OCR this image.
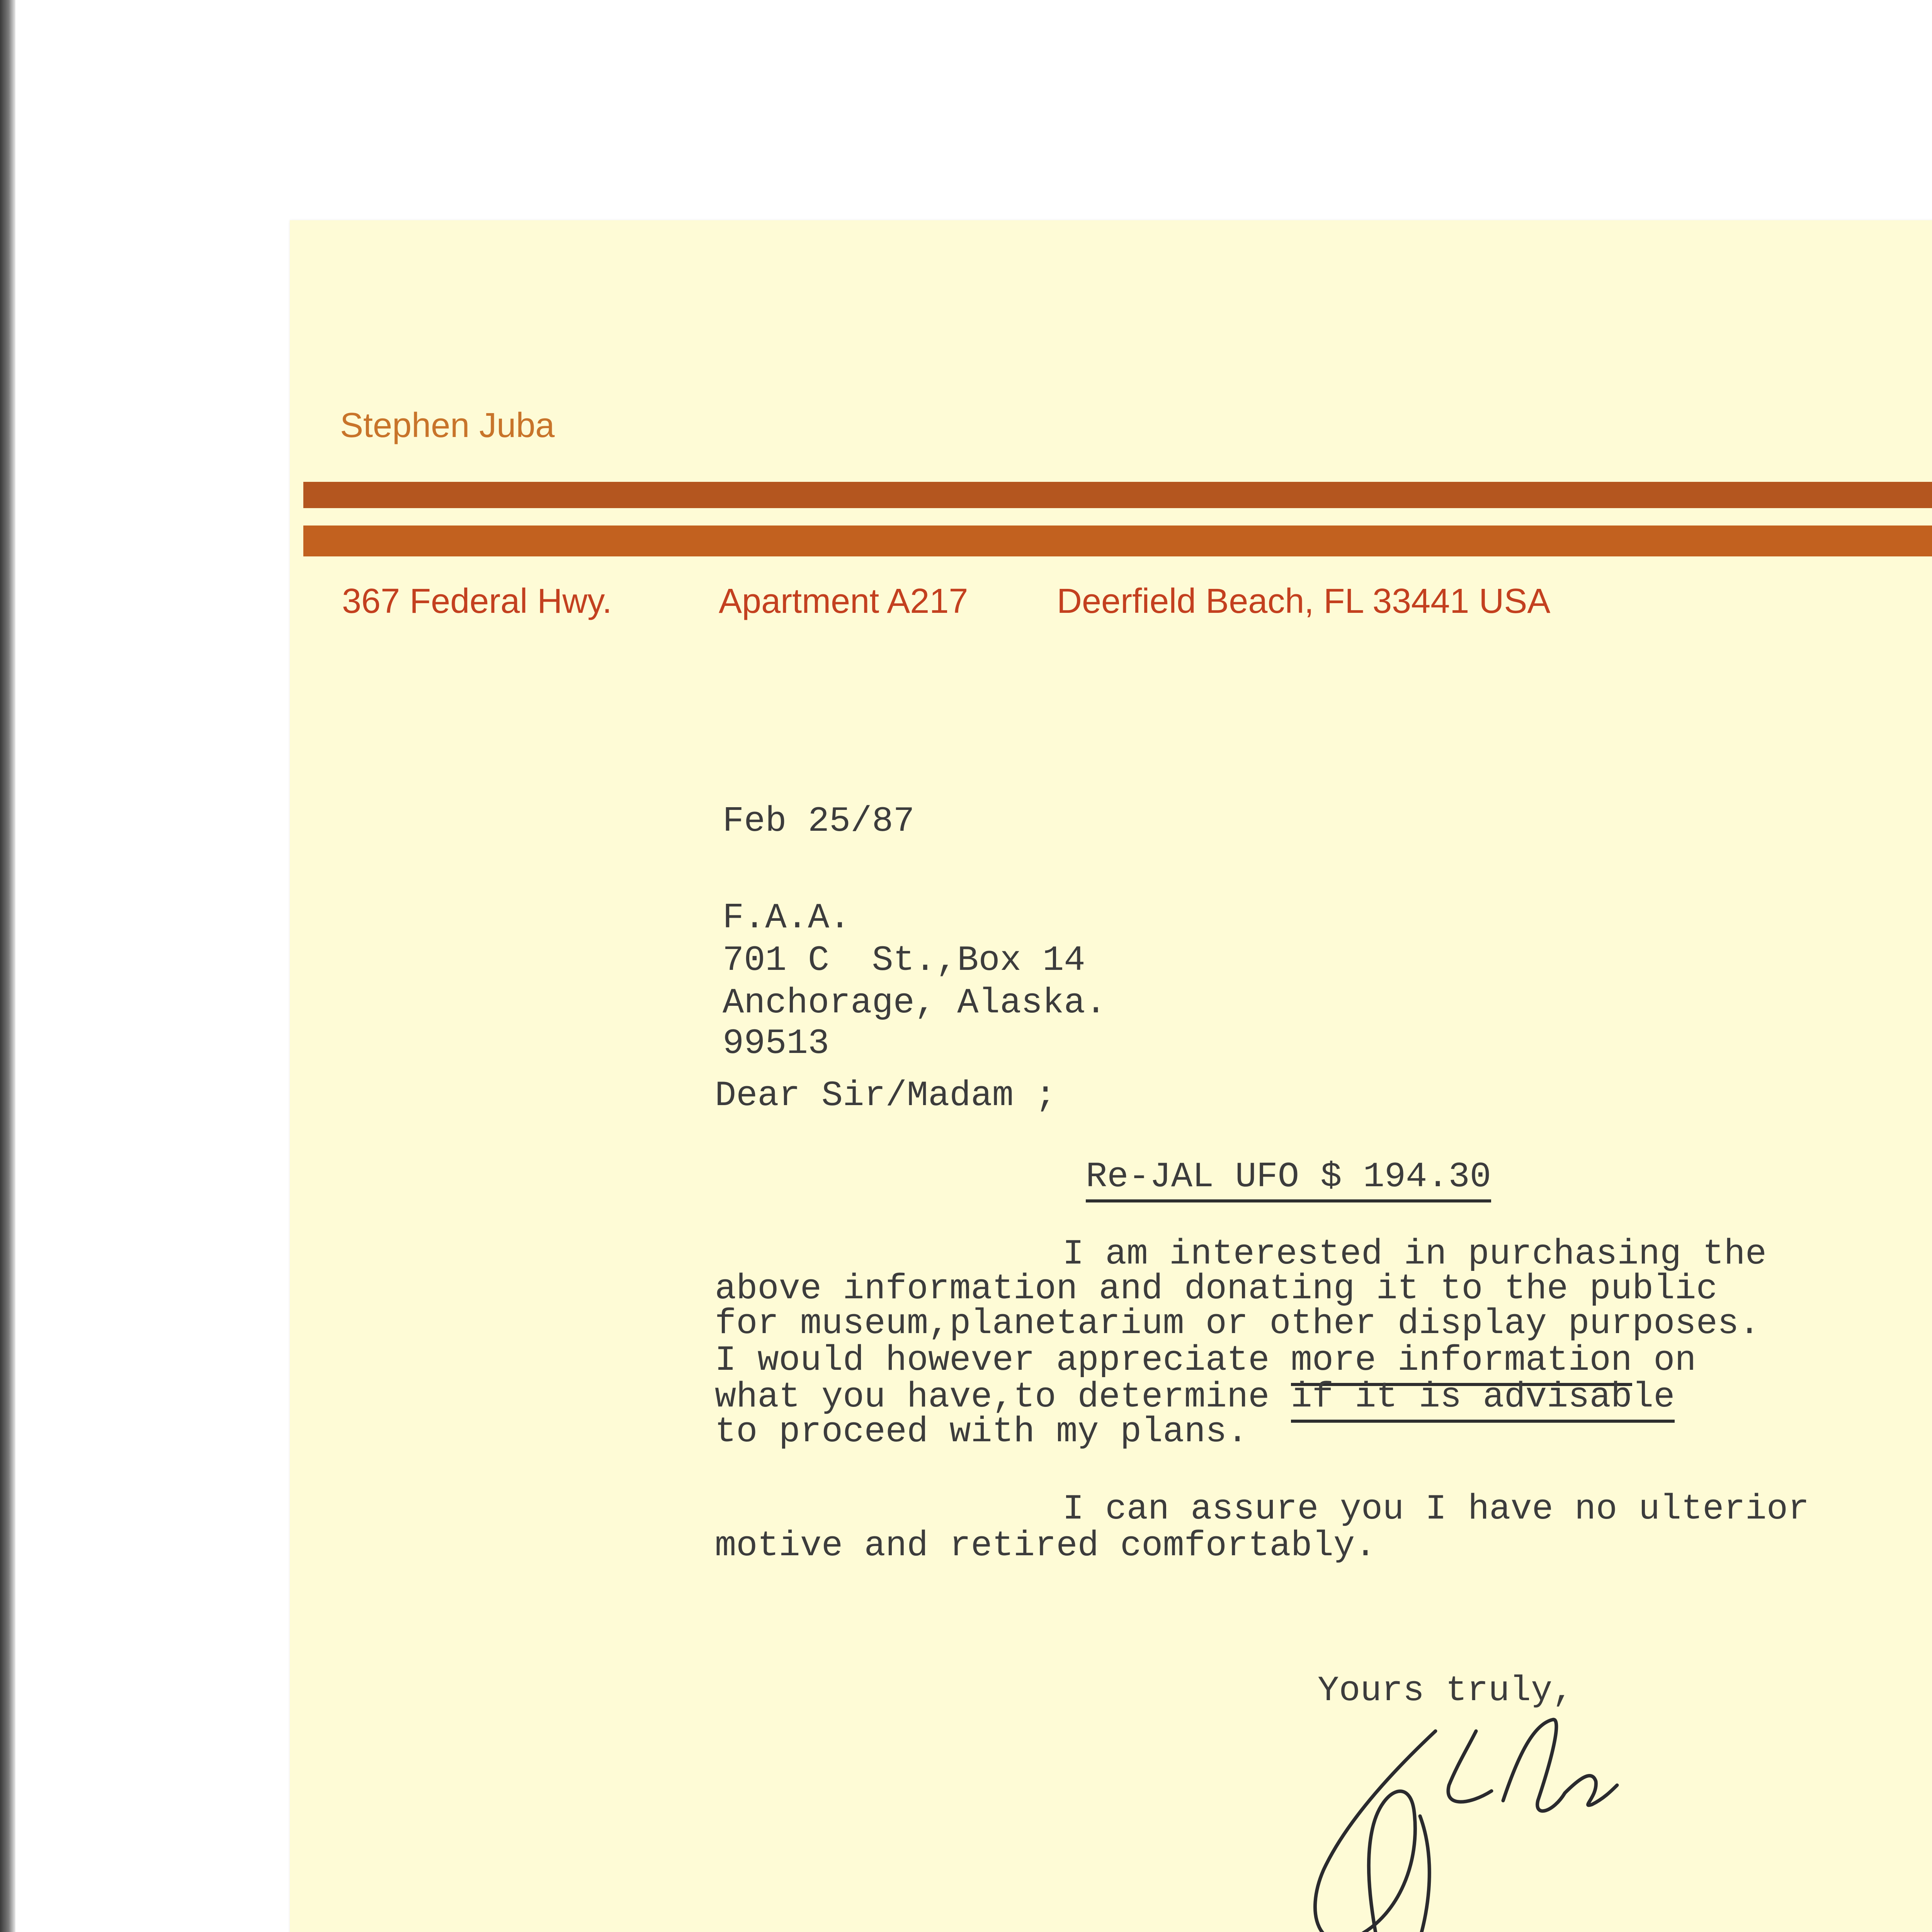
Stephen Juba
367 Federal Hwy.	Apartment A217	Deerfield Beach, FL 33441 USA
Feb 25/87
F.A.A.
701 C  St.,Box 14
Anchorage, Alaska.
99513
Dear Sir/Madam ;
Re-JAL UFO $ 194.30
I am interested in purchasing the
above information and donating it to the public
for museum,planetarium or other display purposes.
I would however appreciate more information on
what you have,to determine if it is advisable
to proceed with my plans.
I can assure you I have no ulterior
motive and retired comfortably.
Yours truly,
